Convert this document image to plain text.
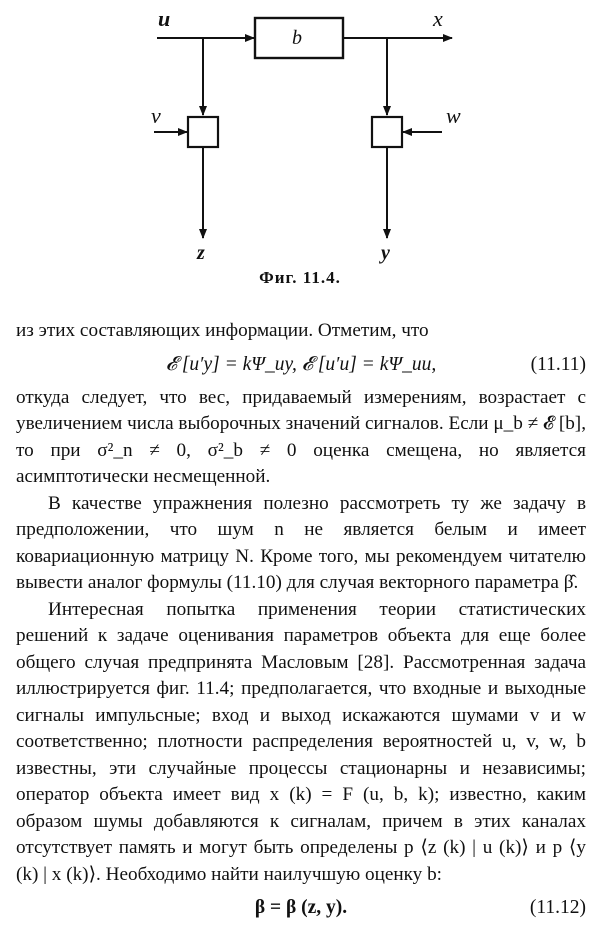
u
b
x
v	w
z	y
Фиг. 11.4.

из этих составляющих информации. Отметим, что

𝓔 [u′y] = kΨ_uy, 𝓔 [u′u] = kΨ_uu,	(11.11)

откуда следует, что вес, придаваемый измерениям, возрастает с увеличением числа выборочных значений сигналов. Если μ_b ≠ 𝓔 [b], то при σ²_n ≠ 0, σ²_b ≠ 0 оценка смещена, но является асимптотически несмещенной.

В качестве упражнения полезно рассмотреть ту же задачу в предположении, что шум n не является белым и имеет ковариационную матрицу N. Кроме того, мы рекомендуем читателю вывести аналог формулы (11.10) для случая векторного параметра β̂.

Интересная попытка применения теории статистических решений к задаче оценивания параметров объекта для еще более общего случая предпринята Масловым [28]. Рассмотренная задача иллюстрируется фиг. 11.4; предполагается, что входные и выходные сигналы импульсные; вход и выход искажаются шумами v и w соответственно; плотности распределения вероятностей u, v, w, b известны, эти случайные процессы стационарны и независимы; оператор объекта имеет вид x (k) = F (u, b, k); известно, каким образом шумы добавляются к сигналам, причем в этих каналах отсутствует память и могут быть определены p ⟨z (k) | u (k)⟩ и p ⟨y (k) | x (k)⟩. Необходимо найти наилучшую оценку b:

β = β (z, y).	(11.12)
